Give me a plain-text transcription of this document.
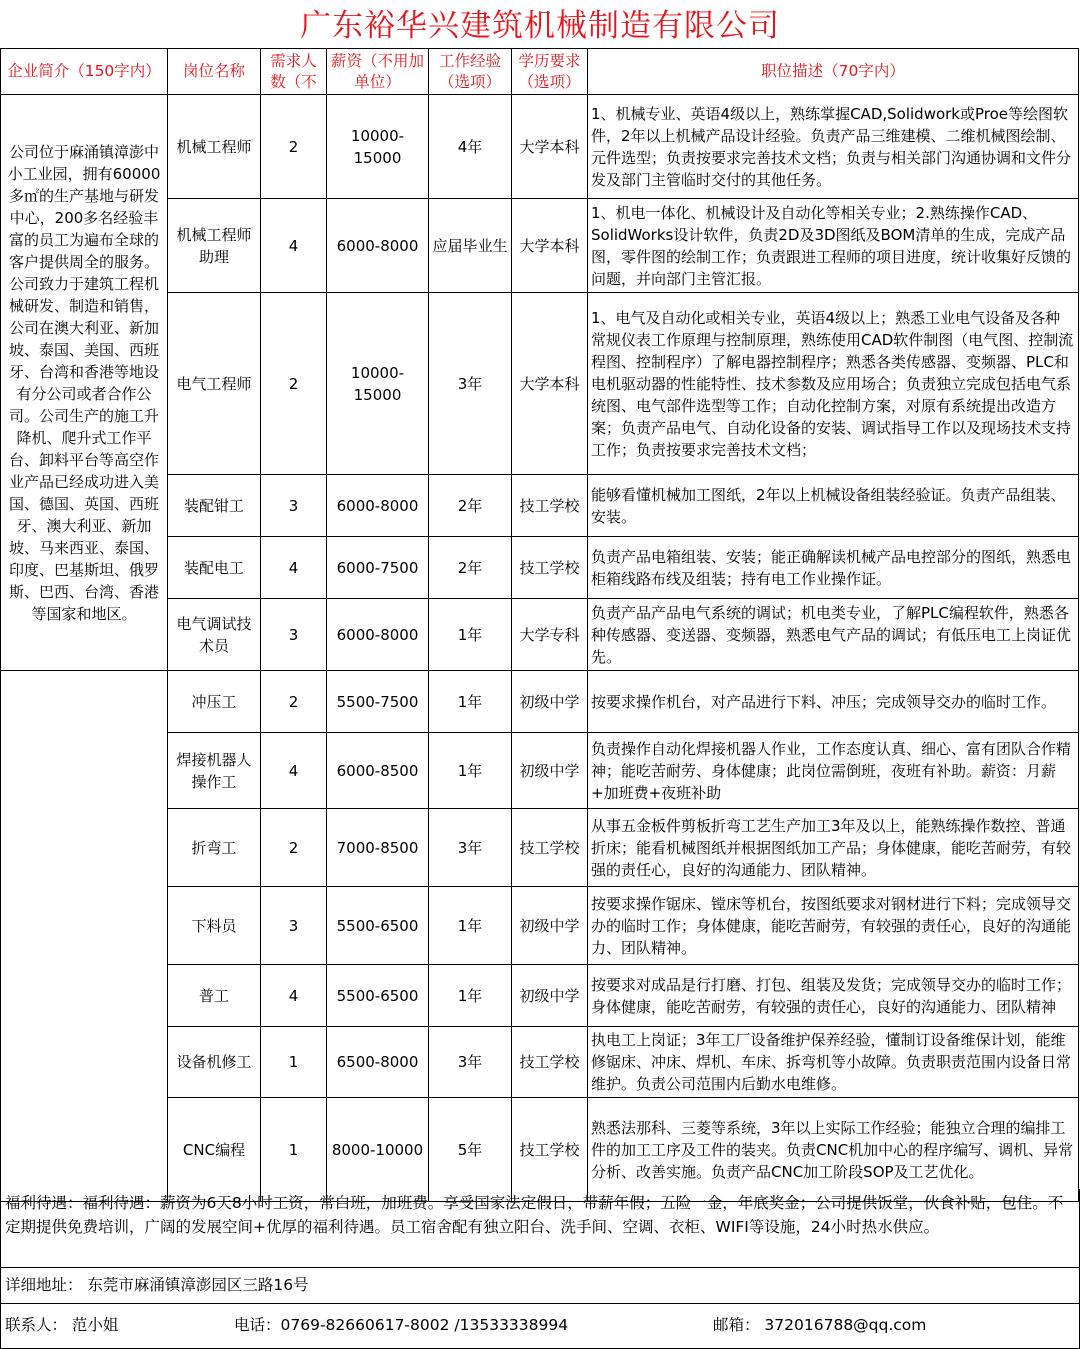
广东裕华兴建筑机械制造有限公司
企业简介（150字内）	岗位名称	需求人数（不	薪资（不用加单位）	工作经验（选项）	学历要求（选项）	职位描述（70字内）
公司位于麻涌镇漳澎中小工业园，拥有60000多㎡的生产基地与研发中心，200多名经验丰富的员工为遍布全球的客户提供周全的服务。公司致力于建筑工程机械研发、制造和销售，公司在澳大利亚、新加坡、泰国、美国、西班牙、台湾和香港等地设有分公司或者合作公司。公司生产的施工升降机、爬升式工作平台、卸料平台等高空作业产品已经成功进入美国、德国、英国、西班牙、澳大利亚、新加坡、马来西亚、泰国、印度、巴基斯坦、俄罗斯、巴西、台湾、香港等国家和地区。	机械工程师	2	10000-15000	4年	大学本科	1、机械专业、英语4级以上，熟练掌握CAD,Solidwork或Proe等绘图软件，2年以上机械产品设计经验。负责产品三维建模、二维机械图绘制、元件选型；负责按要求完善技术文档；负责与相关部门沟通协调和文件分发及部门主管临时交付的其他任务。
	机械工程师助理	4	6000-8000	应届毕业生	大学本科	1、机电一体化、机械设计及自动化等相关专业；2.熟练操作CAD、SolidWorks设计软件，负责2D及3D图纸及BOM清单的生成，完成产品图，零件图的绘制工作；负责跟进工程师的项目进度，统计收集好反馈的问题，并向部门主管汇报。
	电气工程师	2	10000-15000	3年	大学本科	1、电气及自动化或相关专业，英语4级以上；熟悉工业电气设备及各种常规仪表工作原理与控制原理，熟练使用CAD软件制图（电气图、控制流程图、控制程序）了解电器控制程序；熟悉各类传感器、变频器、PLC和电机驱动器的性能特性、技术参数及应用场合；负责独立完成包括电气系统图、电气部件选型等工作；自动化控制方案，对原有系统提出改造方案；负责产品电气、自动化设备的安装、调试指导工作以及现场技术支持工作；负责按要求完善技术文档；
	装配钳工	3	6000-8000	2年	技工学校	能够看懂机械加工图纸，2年以上机械设备组装经验证。负责产品组装、安装。
	装配电工	4	6000-7500	2年	技工学校	负责产品电箱组装、安装；能正确解读机械产品电控部分的图纸，熟悉电柜箱线路布线及组装；持有电工作业操作证。
	电气调试技术员	3	6000-8000	1年	大学专科	负责产品产品电气系统的调试；机电类专业，了解PLC编程软件，熟悉各种传感器、变送器、变频器，熟悉电气产品的调试；有低压电工上岗证优先。
	冲压工	2	5500-7500	1年	初级中学	按要求操作机台，对产品进行下料、冲压；完成领导交办的临时工作。
	焊接机器人操作工	4	6000-8500	1年	初级中学	负责操作自动化焊接机器人作业，工作态度认真、细心、富有团队合作精神；能吃苦耐劳、身体健康；此岗位需倒班，夜班有补助。薪资：月薪+加班费+夜班补助
	折弯工	2	7000-8500	3年	技工学校	从事五金板件剪板折弯工艺生产加工3年及以上，能熟练操作数控、普通折床；能看机械图纸并根据图纸加工产品；身体健康，能吃苦耐劳，有较强的责任心，良好的沟通能力、团队精神。
	下料员	3	5500-6500	1年	初级中学	按要求操作锯床、镗床等机台，按图纸要求对钢材进行下料；完成领导交办的临时工作；身体健康，能吃苦耐劳，有较强的责任心，良好的沟通能力、团队精神。
	普工	4	5500-6500	1年	初级中学	按要求对成品是行打磨、打包、组装及发货；完成领导交办的临时工作；身体健康，能吃苦耐劳，有较强的责任心，良好的沟通能力、团队精神
	设备机修工	1	6500-8000	3年	技工学校	执电工上岗证；3年工厂设备维护保养经验，懂制订设备维保计划，能维修锯床、冲床、焊机、车床、拆弯机等小故障。负责职责范围内设备日常维护。负责公司范围内后勤水电维修。
	CNC编程	1	8000-10000	5年	技工学校	熟悉法那科、三菱等系统，3年以上实际工作经验；能独立合理的编排工件的加工工序及工件的装夹。负责CNC机加中心的程序编写、调机、异常分析、改善实施。负责产品CNC加工阶段SOP及工艺优化。
福利待遇：福利待遇：薪资为6天8小时工资，常白班，加班费。享受国家法定假日，带薪年假；五险一金，年底奖金；公司提供饭堂，伙食补贴，包住。不定期提供免费培训，广阔的发展空间+优厚的福利待遇。员工宿舍配有独立阳台、洗手间、空调、衣柜、WIFI等设施，24小时热水供应。
详细地址： 东莞市麻涌镇漳澎园区三路16号
联系人： 范小姐	电话：0769-82660617-8002 /13533338994	邮箱： 372016788@qq.com
